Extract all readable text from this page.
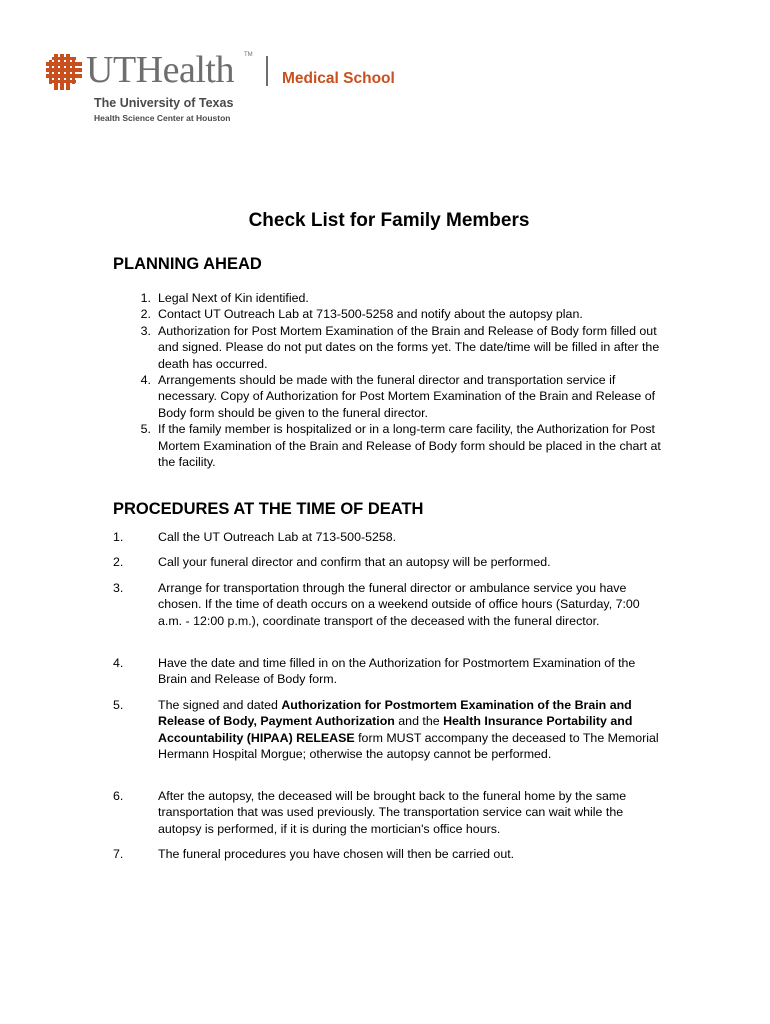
UTHealth TM
Medical School
The University of Texas
Health Science Center at Houston
Check List for Family Members
PLANNING AHEAD
1. Legal Next of Kin identified.
2. Contact UT Outreach Lab at 713-500-5258 and notify about the autopsy plan.
3. Authorization for Post Mortem Examination of the Brain and Release of Body form filled out and signed. Please do not put dates on the forms yet. The date/time will be filled in after the death has occurred.
4. Arrangements should be made with the funeral director and transportation service if necessary. Copy of Authorization for Post Mortem Examination of the Brain and Release of Body form should be given to the funeral director.
5. If the family member is hospitalized or in a long-term care facility, the Authorization for Post Mortem Examination of the Brain and Release of Body form should be placed in the chart at the facility.
PROCEDURES AT THE TIME OF DEATH
1.	Call the UT Outreach Lab at 713-500-5258.
2.	Call your funeral director and confirm that an autopsy will be performed.
3.	Arrange for transportation through the funeral director or ambulance service you have chosen. If the time of death occurs on a weekend outside of office hours (Saturday, 7:00 a.m. - 12:00 p.m.), coordinate transport of the deceased with the funeral director.
4.	Have the date and time filled in on the Authorization for Postmortem Examination of the Brain and Release of Body form.
5.	The signed and dated Authorization for Postmortem Examination of the Brain and Release of Body, Payment Authorization and the Health Insurance Portability and Accountability (HIPAA) RELEASE form MUST accompany the deceased to The Memorial Hermann Hospital Morgue; otherwise the autopsy cannot be performed.
6.	After the autopsy, the deceased will be brought back to the funeral home by the same transportation that was used previously. The transportation service can wait while the autopsy is performed, if it is during the mortician's office hours.
7.	The funeral procedures you have chosen will then be carried out.
